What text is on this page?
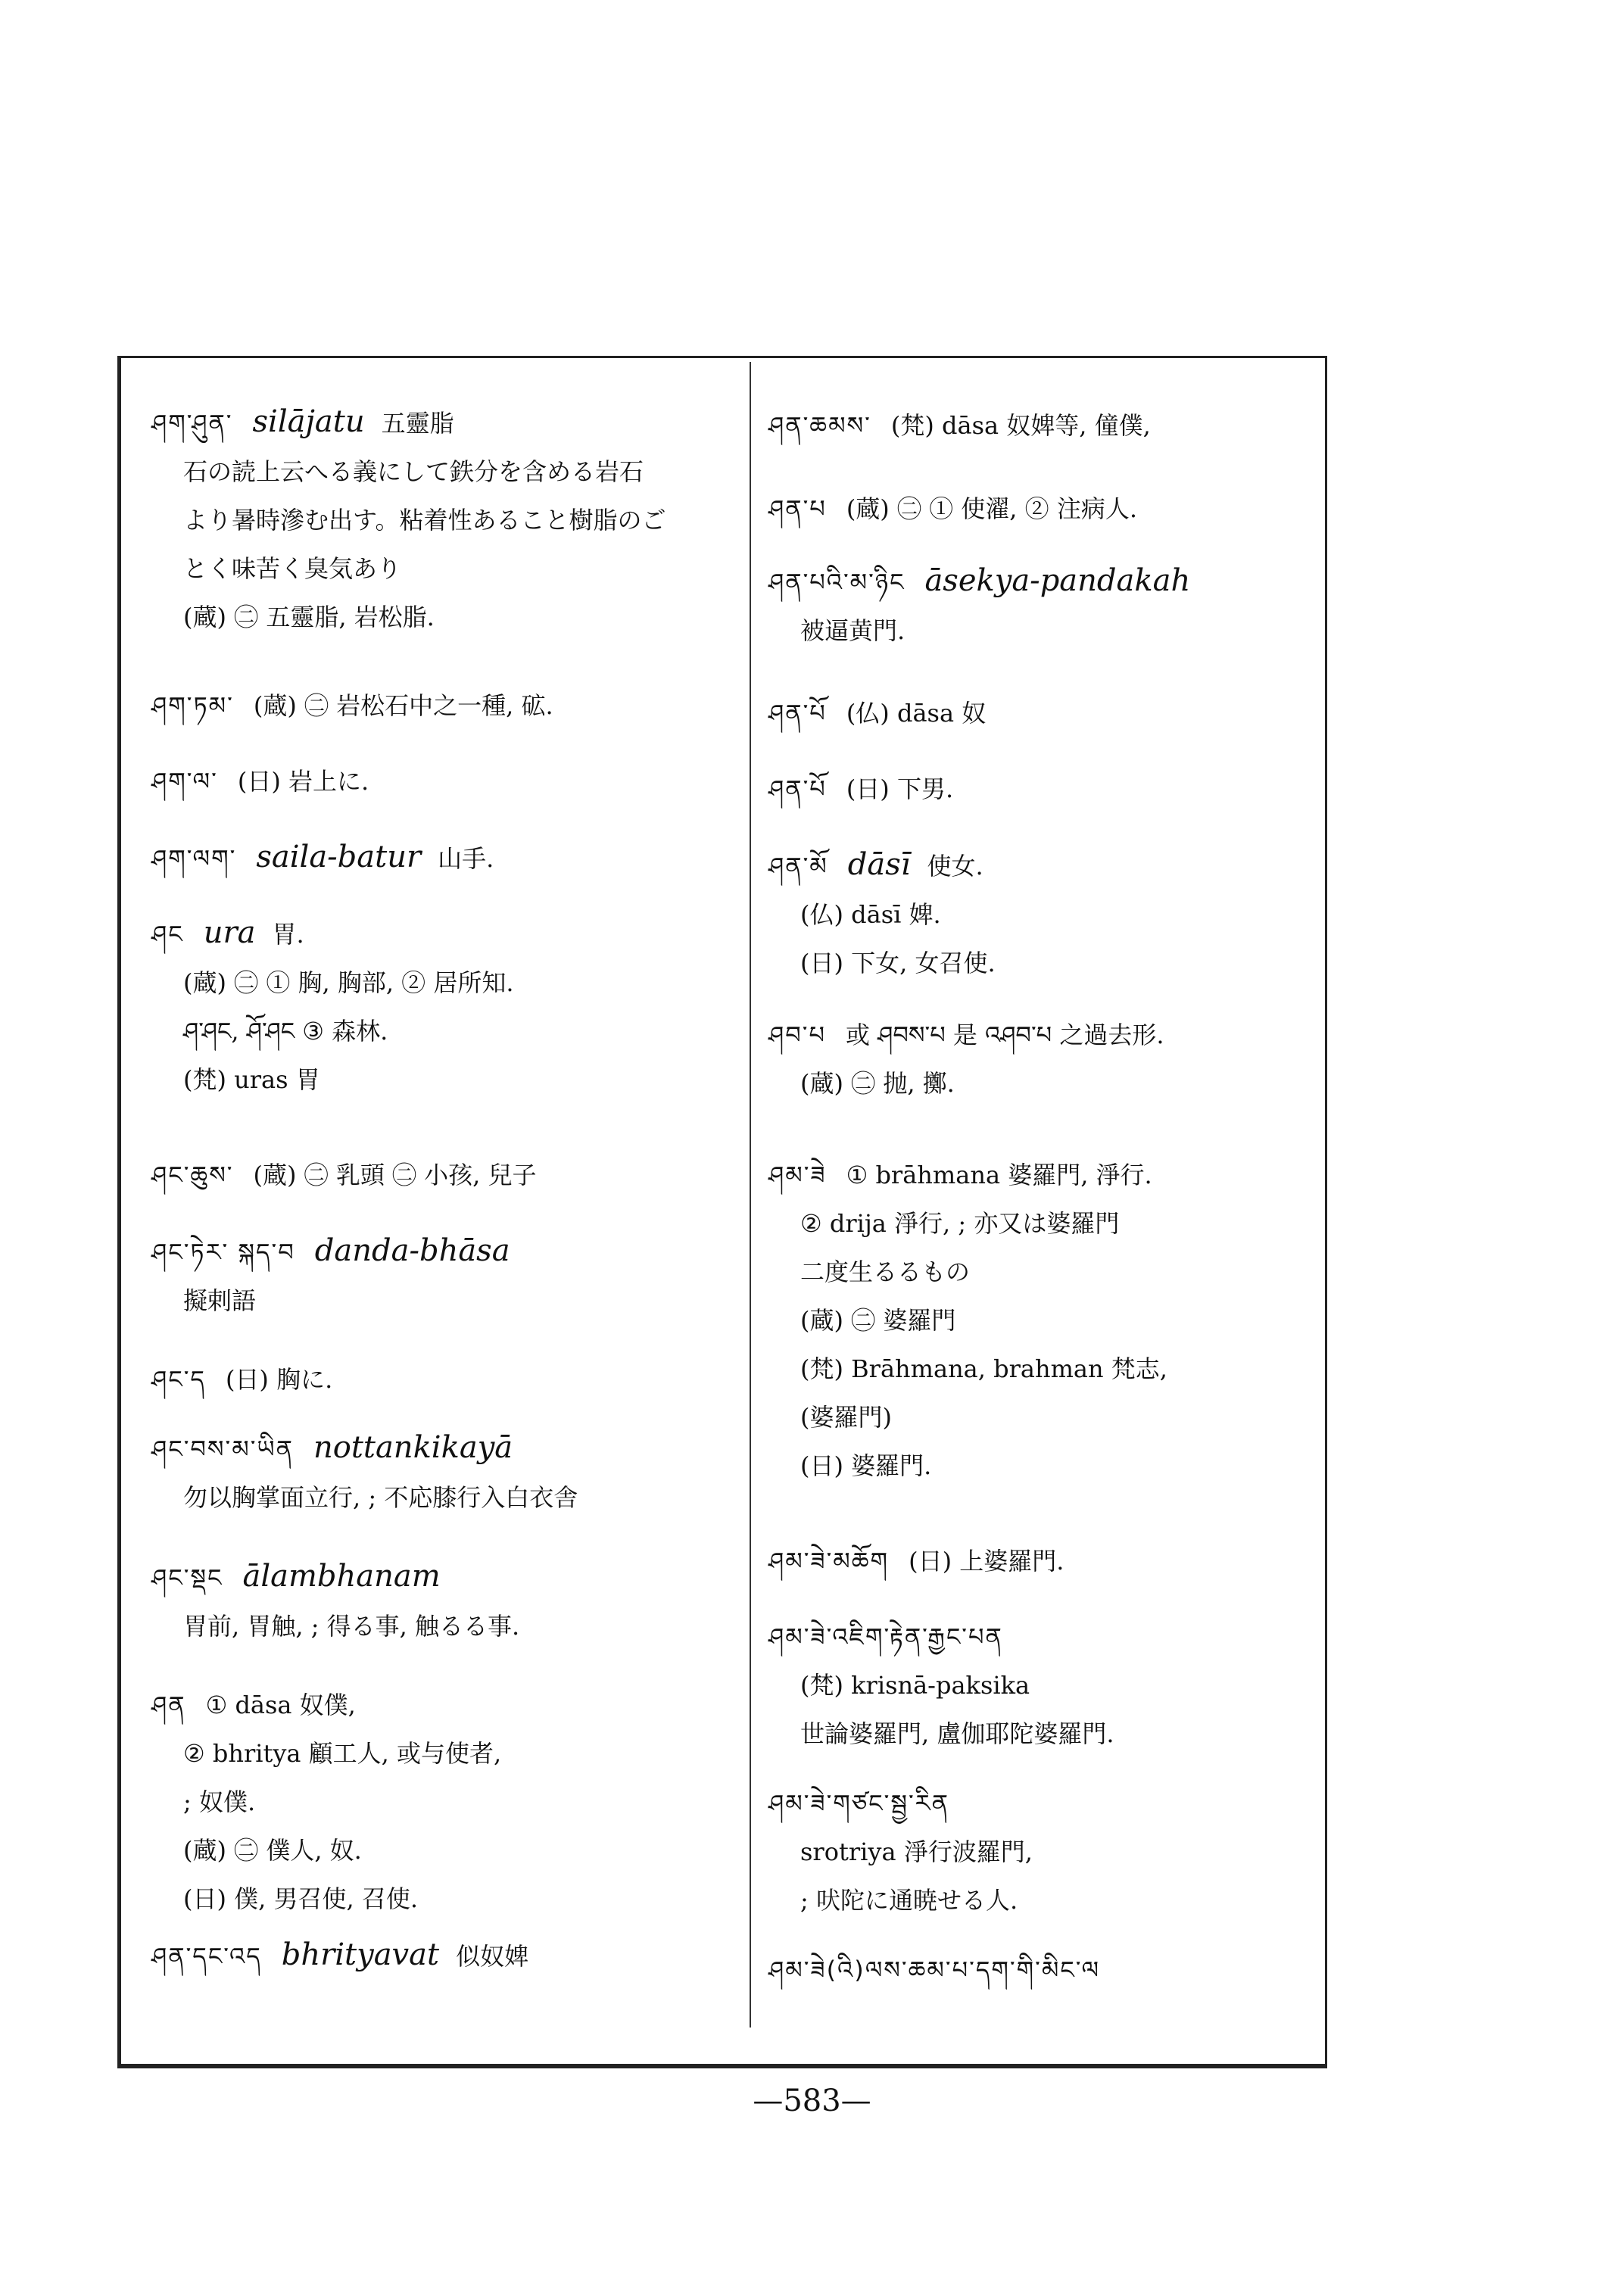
ཤག་ཤུན་ silājatu 五靈脂
石の読上云へる義にして鉄分を含める岩石
より暑時滲む出す。粘着性あること樹脂のご
とく味苦く臭気あり
(蔵) ㊁ 五靈脂, 岩松脂.
ཤག་ཏམ་ (蔵) ㊁ 岩松石中之一種, 砿.
ཤག་ལ་ (日) 岩上に.
ཤག་ལག་ saila-batur 山手.
ཤང ura 胃.
(蔵) ㊁ ① 胸, 胸部, ② 居所知.
ཤ་ཤང, ཤོ་ཤང ③ 森林.
(梵) uras 胃
ཤང་ཆུས་ (蔵) ㊁ 乳頭 ㊁ 小孩, 兒子
ཤང་ཏེར་ སྐད་བ danda-bhāsa
擬剌語
ཤང་ད (日) 胸に.
ཤང་བས་མ་ཡིན nottankikayā
勿以胸掌面立行, ; 不応膝行入白衣舎
ཤང་སྡང ālambhanam
胃前, 胃触, ; 得る事, 触るる事.
ཤན ① dāsa 奴僕,
② bhritya 顧工人, 或与使者,
; 奴僕.
(蔵) ㊁ 僕人, 奴.
(日) 僕, 男召使, 召使.
ཤན་དང་འད bhrityavat 似奴婢
ཤན་ཆམས་ (梵) dāsa 奴婢等, 僮僕,
ཤན་པ (蔵) ㊁ ① 使濯, ② 注病人.
ཤན་པའི་མ་ཉིང āsekya-pandakah
被逼黄門.
ཤན་པོ (仏) dāsa 奴
ཤན་པོ (日) 下男.
ཤན་མོ dāsī 使女.
(仏) dāsī 婢.
(日) 下女, 女召使.
ཤབ་པ 或 ཤབས་པ 是 འཤབ་པ 之過去形.
(蔵) ㊁ 抛, 擲.
ཤམ་ཟེ ① brāhmana 婆羅門, 淨行.
② drija 淨行, ; 亦又は婆羅門
二度生るるもの
(蔵) ㊁ 婆羅門
(梵) Brāhmana, brahman 梵志,
(婆羅門)
(日) 婆羅門.
ཤམ་ཟེ་མཆོག (日) 上婆羅門.
ཤམ་ཟེ་འཇིག་རྟེན་རྒྱང་པན
(梵) krisnā-paksika
世論婆羅門, 盧伽耶陀婆羅門.
ཤམ་ཟེ་གཙང་སྦྱ་རིན
srotriya 淨行波羅門,
; 吠陀に通暁せる人.
ཤམ་ཟེ(འི)ལས་ཆམ་པ་དག་གི་མིང་ལ
—583—
